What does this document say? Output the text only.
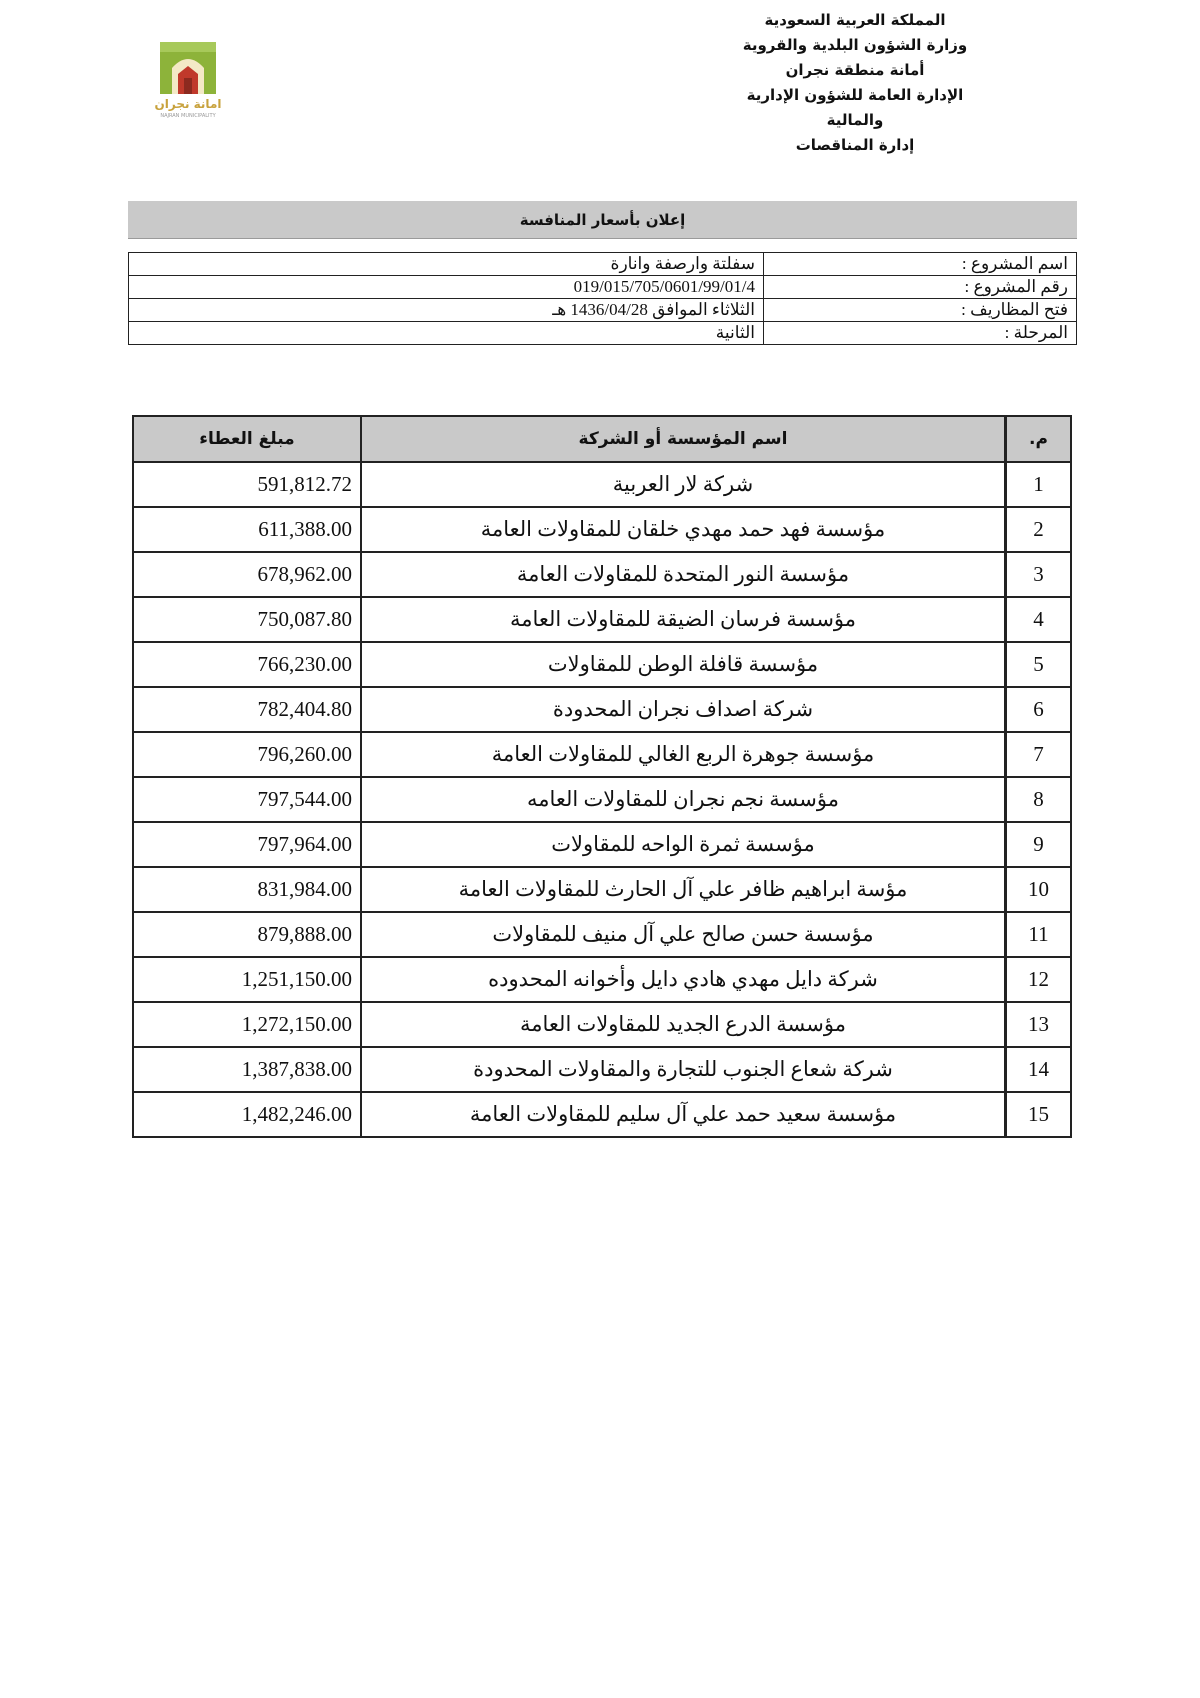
المملكة العربية السعودية
وزارة الشؤون البلدية والقروية
أمانة منطقة نجران
الإدارة العامة للشؤون الإدارية
والمالية
إدارة المناقصات
امانة نجران
NAJRAN MUNICIPALITY
إعلان بأسعار المنافسة
اسم المشروع :	سفلتة وارصفة وانارة
رقم المشروع :	019/015/705/0601/99/01/4
فتح المظاريف :	الثلاثاء الموافق 1436/04/28 هـ
المرحلة :	الثانية
م.	اسم المؤسسة أو الشركة	مبلغ العطاء
1	شركة لار العربية	591,812.72
2	مؤسسة فهد حمد مهدي خلقان للمقاولات العامة	611,388.00
3	مؤسسة النور المتحدة للمقاولات العامة	678,962.00
4	مؤسسة فرسان الضيقة للمقاولات العامة	750,087.80
5	مؤسسة قافلة الوطن للمقاولات	766,230.00
6	شركة اصداف نجران المحدودة	782,404.80
7	مؤسسة جوهرة الربع الغالي للمقاولات العامة	796,260.00
8	مؤسسة نجم نجران للمقاولات العامه	797,544.00
9	مؤسسة ثمرة الواحه للمقاولات	797,964.00
10	مؤسة ابراهيم ظافر علي آل الحارث للمقاولات العامة	831,984.00
11	مؤسسة حسن صالح علي آل منيف للمقاولات	879,888.00
12	شركة دايل مهدي هادي دايل وأخوانه المحدوده	1,251,150.00
13	مؤسسة الدرع الجديد للمقاولات العامة	1,272,150.00
14	شركة شعاع الجنوب للتجارة والمقاولات المحدودة	1,387,838.00
15	مؤسسة سعيد حمد علي آل سليم للمقاولات العامة	1,482,246.00
